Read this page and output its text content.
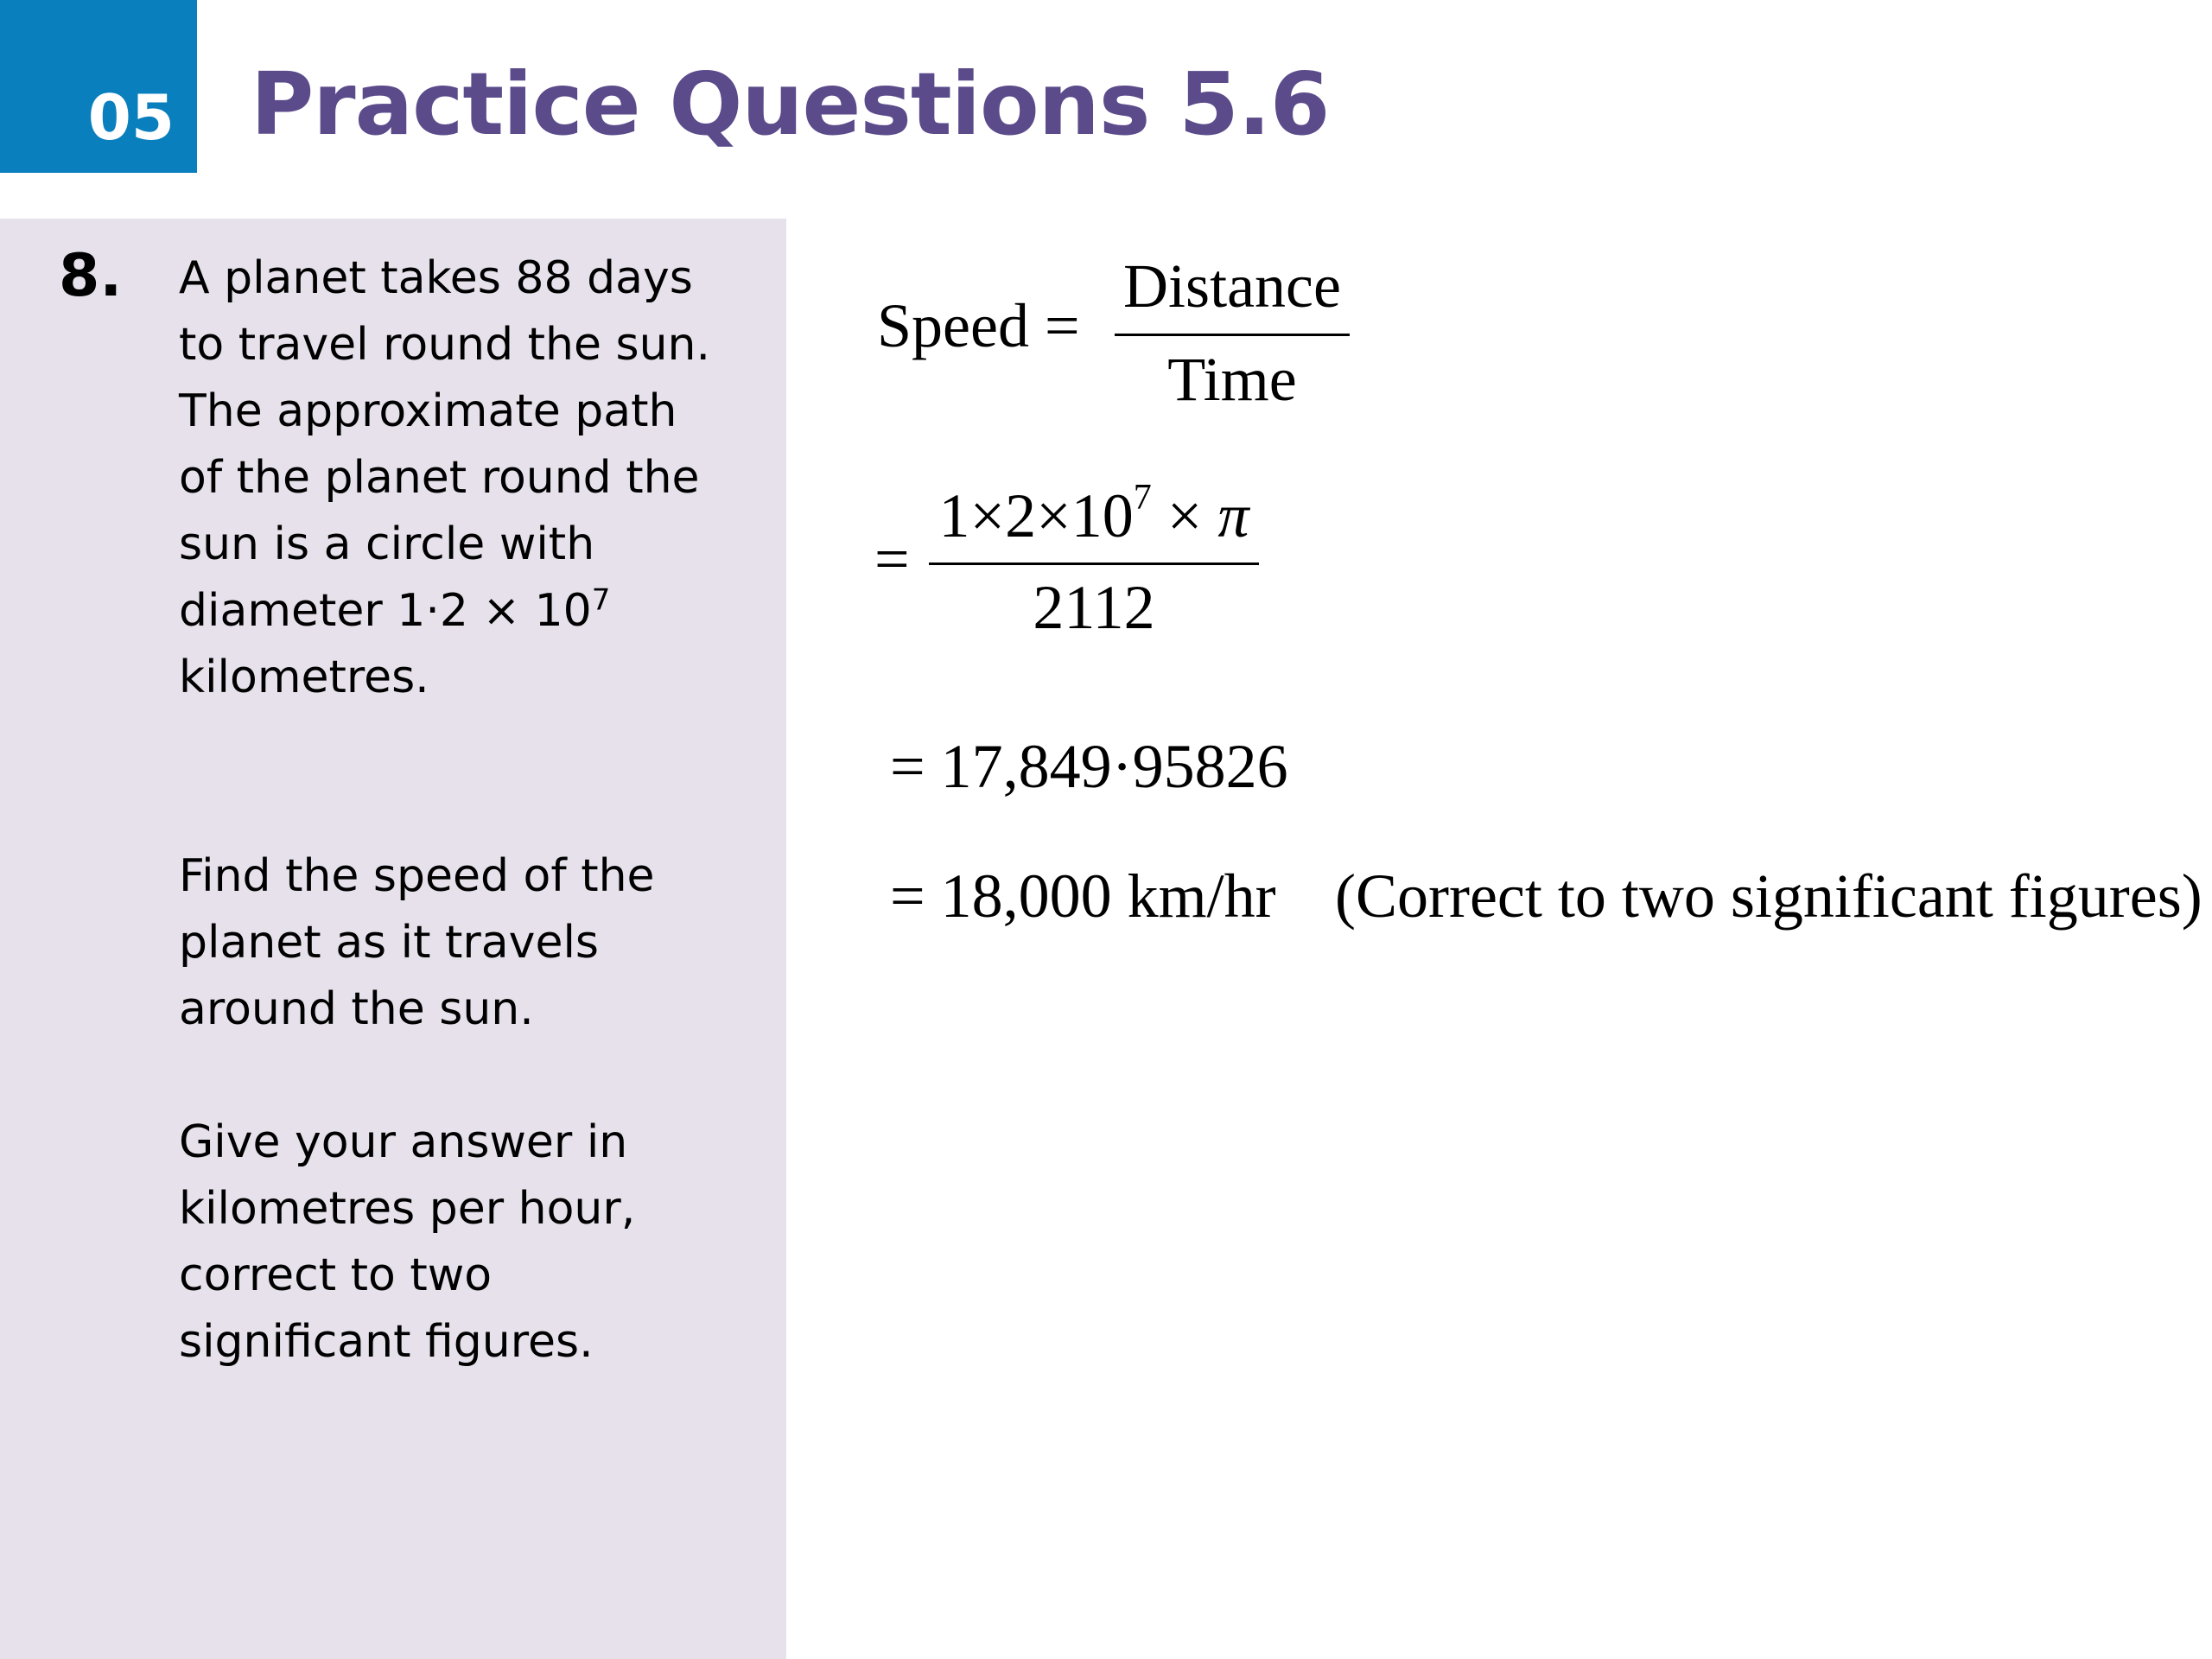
05 Practice Questions 5.6
8. A planet takes 88 days
to travel round the sun.
The approximate path
of the planet round the
sun is a circle with
diameter $1\cdot 2 \times 10^7$
kilometres.
Find the speed of the
planet as it travels
around the sun.
Give your answer in
kilometres per hour,
correct to two
significant figures.
Speed =
Distance
Time
=
$1\times 2\times 10^7 \times \pi$
2112
= 17,849·95826
= 18,000 km/hr (Correct to two significant figures)
